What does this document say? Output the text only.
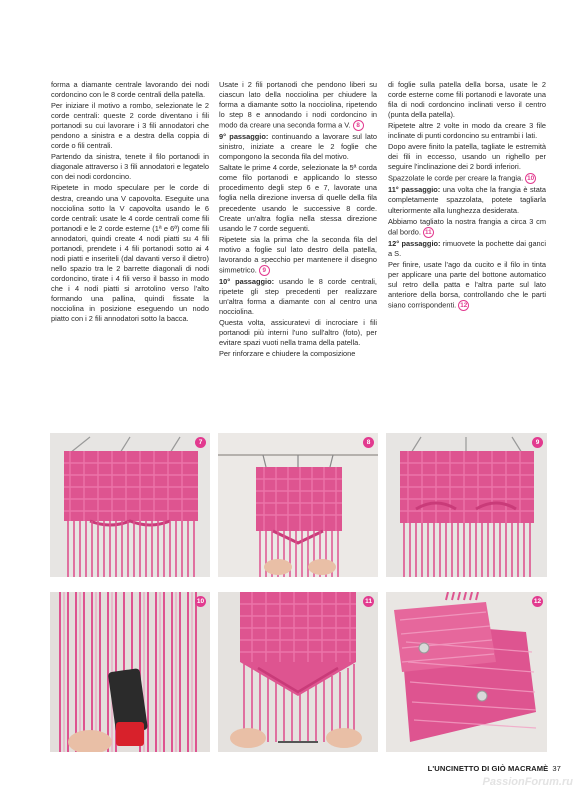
forma a diamante centrale lavorando dei nodi cordoncino con le 8 corde centrali della patella.

Per iniziare il motivo a rombo, selezionate le 2 corde centrali: queste 2 corde diventano i fili portanodi su cui lavorare i 3 fili annodatori che pendono a sinistra e a destra della coppia di corde o fili centrali.

Partendo da sinistra, tenete il filo portanodi in diagonale attraverso i 3 fili annodatori e legatelo con dei nodi cordoncino.

Ripetete in modo speculare per le corde di destra, creando una V capovolta. Eseguite una nocciolina sotto la V capovolta usando le 6 corde centrali: usate le 4 corde centrali come fili portanodi e le 2 corde esterne (1ª e 6ª) come fili annodatori, quindi create 4 nodi piatti su 4 fili portanodi, prendete i 4 fili portanodi sotto ai 4 nodi piatti e inseriteli (dal davanti verso il dietro) nello spazio tra le 2 barrette diagonali di nodi cordoncino, tirate i 4 fili verso il basso in modo che i 4 nodi piatti si arrotolino verso l'alto formando una pallina, quindi fissate la nocciolina in posizione eseguendo un nodo piatto con i 2 fili annodatori sotto la bacca.

Usate i 2 fili portanodi che pendono liberi su ciascun lato della nocciolina per chiudere la forma a diamante sotto la nocciolina, ripetendo lo step 8 e annodando i nodi cordoncino in modo da creare una seconda forma a V. 8

9° passaggio: continuando a lavorare sul lato sinistro, iniziate a creare le 2 foglie che compongono la seconda fila del motivo.

Saltate le prime 4 corde, selezionate la 5ª corda come filo portanodi e applicando lo stesso procedimento degli step 6 e 7, lavorate una foglia nella direzione inversa di quelle della fila precedente usando le successive 8 corde. Create un'altra foglia nella stessa direzione usando le 7 corde seguenti.

Ripetete sia la prima che la seconda fila del motivo a foglie sul lato destro della patella, lavorando a specchio per mantenere il disegno simmetrico. 9

10° passaggio: usando le 8 corde centrali, ripetete gli step precedenti per realizzare un'altra forma a diamante con al centro una nocciolina.

Questa volta, assicuratevi di incrociare i fili portanodi più interni l'uno sull'altro (foto), per evitare spazi vuoti nella trama della patella.

Per rinforzare e chiudere la composizione

di foglie sulla patella della borsa, usate le 2 corde esterne come fili portanodi e lavorate una fila di nodi cordoncino inclinati verso il centro (punta della patella).

Ripetete altre 2 volte in modo da creare 3 file inclinate di punti cordoncino su entrambi i lati.

Dopo avere finito la patella, tagliate le estremità dei fili in eccesso, usando un righello per seguire l'inclinazione dei 2 bordi inferiori.

Spazzolate le corde per creare la frangia. 10

11° passaggio: una volta che la frangia è stata completamente spazzolata, potete tagliarla ulteriormente alla lunghezza desiderata.

Abbiamo tagliato la nostra frangia a circa 3 cm dal bordo. 11

12° passaggio: rimuovete la pochette dai ganci a S.

Per finire, usate l'ago da cucito e il filo in tinta per applicare una parte del bottone automatico sul retro della patta e l'altra parte sul lato anteriore della borsa, controllando che le parti siano corrispondenti. 12

7	8	9
10	11	12
L'UNCINETTO DI GIÒ MACRAMÈ 37
PassionForum.ru
